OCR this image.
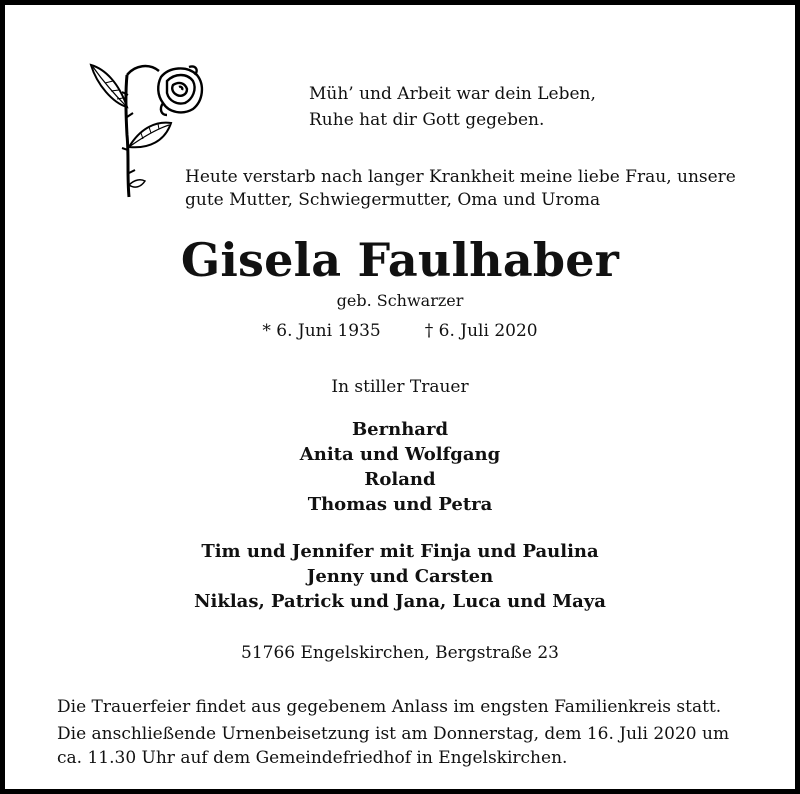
Müh’ und Arbeit war dein Leben,
Ruhe hat dir Gott gegeben.
Heute verstarb nach langer Krankheit meine liebe Frau, unsere
gute Mutter, Schwiegermutter, Oma und Uroma
Gisela Faulhaber
geb. Schwarzer
* 6. Juni 1935	† 6. Juli 2020
In stiller Trauer
Bernhard
Anita und Wolfgang
Roland
Thomas und Petra
Tim und Jennifer mit Finja und Paulina
Jenny und Carsten
Niklas, Patrick und Jana, Luca und Maya
51766 Engelskirchen, Bergstraße 23
Die Trauerfeier findet aus gegebenem Anlass im engsten Familienkreis statt.
Die anschließende Urnenbeisetzung ist am Donnerstag, dem 16. Juli 2020 um
ca. 11.30 Uhr auf dem Gemeindefriedhof in Engelskirchen.
